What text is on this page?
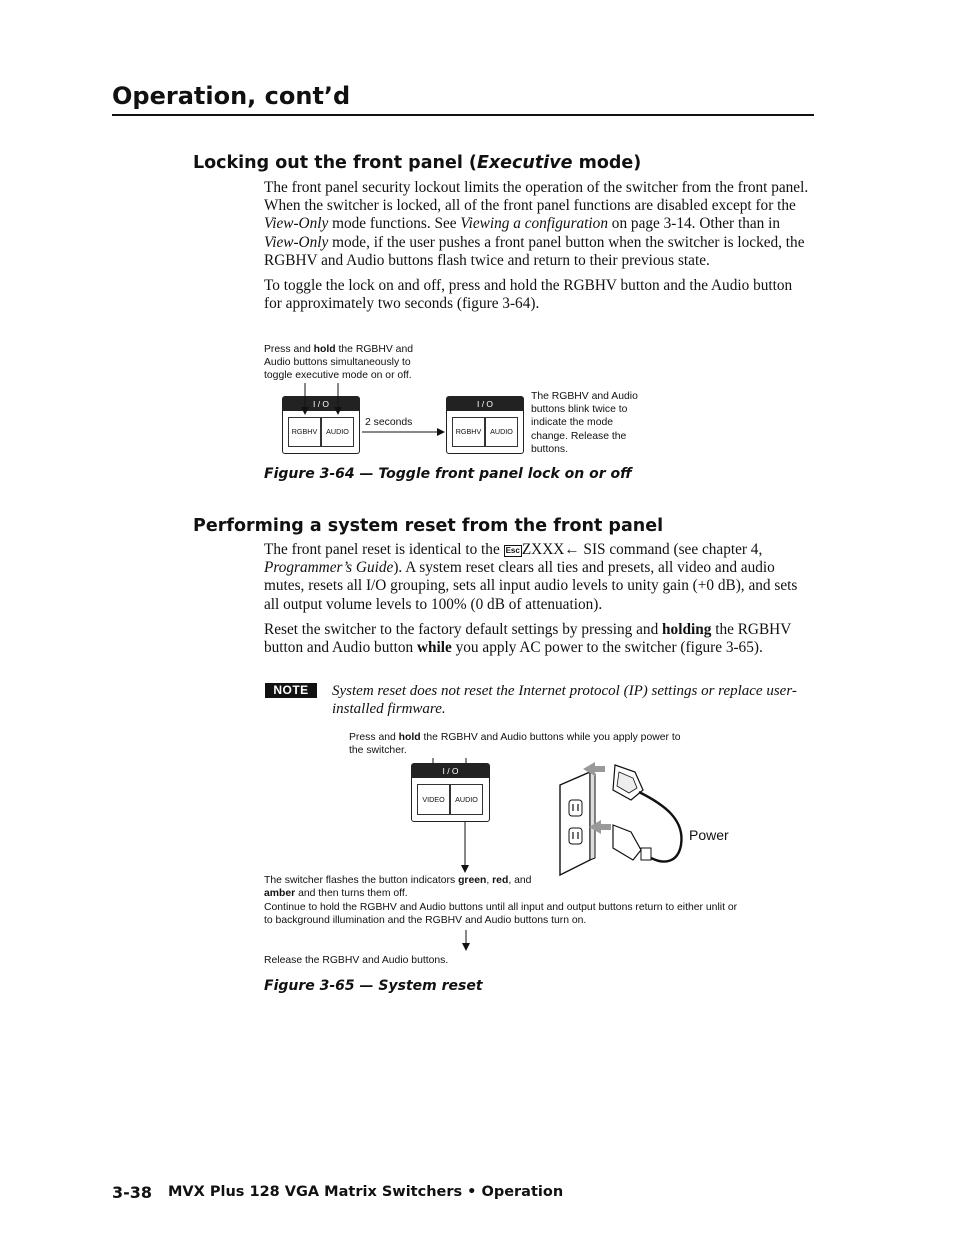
Operation, cont’d
Locking out the front panel (Executive mode)

The front panel security lockout limits the operation of the switcher from the front panel. When the switcher is locked, all of the front panel functions are disabled except for the View-Only mode functions. See Viewing a configuration on page 3-14. Other than in View-Only mode, if the user pushes a front panel button when the switcher is locked, the RGBHV and Audio buttons flash twice and return to their previous state.

To toggle the lock on and off, press and hold the RGBHV button and the Audio button for approximately two seconds (figure 3-64).

Press and hold the RGBHV and Audio buttons simultaneously to toggle executive mode on or off.
I / O
RGBHV	AUDIO
I / O
RGBHV	AUDIO
2 seconds
The RGBHV and Audio buttons blink twice to indicate the mode change. Release the buttons.
Figure 3-64 — Toggle front panel lock on or off
Performing a system reset from the front panel

The front panel reset is identical to the Esc ZXXX← SIS command (see chapter 4, Programmer’s Guide). A system reset clears all ties and presets, all video and audio mutes, resets all I/O grouping, sets all input audio levels to unity gain (+0 dB), and sets all output volume levels to 100% (0 dB of attenuation).

Reset the switcher to the factory default settings by pressing and holding the RGBHV button and Audio button while you apply AC power to the switcher (figure 3-65).

NOTE	System reset does not reset the Internet protocol (IP) settings or replace user-installed firmware.
Press and hold the RGBHV and Audio buttons while you apply power to the switcher.
I / O
VIDEO	AUDIO
Power
The switcher flashes the button indicators green, red, and amber and then turns them off.
Continue to hold the RGBHV and Audio buttons until all input and output buttons return to either unlit or to background illumination and the RGBHV and Audio buttons turn on.
Release the RGBHV and Audio buttons.
Figure 3-65 — System reset
3-38 MVX Plus 128 VGA Matrix Switchers • Operation
